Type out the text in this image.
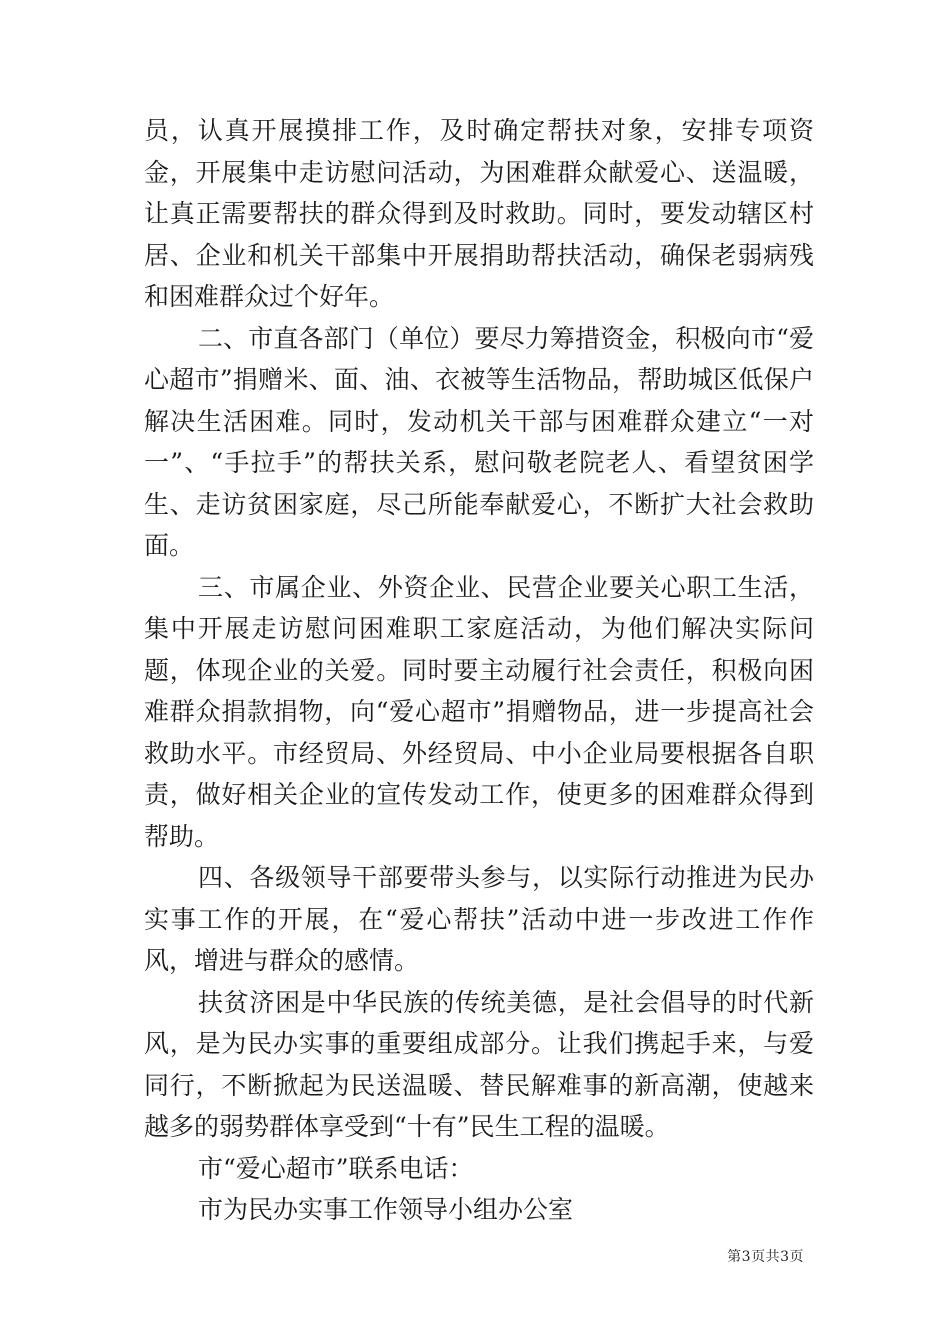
员，认真开展摸排工作，及时确定帮扶对象，安排专项资金，开展集中走访慰问活动，为困难群众献爱心、送温暖，让真正需要帮扶的群众得到及时救助。同时，要发动辖区村居、企业和机关干部集中开展捐助帮扶活动，确保老弱病残和困难群众过个好年。

二、市直各部门（单位）要尽力筹措资金，积极向市“爱心超市”捐赠米、面、油、衣被等生活物品，帮助城区低保户解决生活困难。同时，发动机关干部与困难群众建立“一对一”、“手拉手”的帮扶关系，慰问敬老院老人、看望贫困学生、走访贫困家庭，尽己所能奉献爱心，不断扩大社会救助面。

三、市属企业、外资企业、民营企业要关心职工生活，集中开展走访慰问困难职工家庭活动，为他们解决实际问题，体现企业的关爱。同时要主动履行社会责任，积极向困难群众捐款捐物，向“爱心超市”捐赠物品，进一步提高社会救助水平。市经贸局、外经贸局、中小企业局要根据各自职责，做好相关企业的宣传发动工作，使更多的困难群众得到帮助。

四、各级领导干部要带头参与，以实际行动推进为民办实事工作的开展，在“爱心帮扶”活动中进一步改进工作作风，增进与群众的感情。

扶贫济困是中华民族的传统美德，是社会倡导的时代新风，是为民办实事的重要组成部分。让我们携起手来，与爱同行，不断掀起为民送温暖、替民解难事的新高潮，使越来越多的弱势群体享受到“十有”民生工程的温暖。

市“爱心超市”联系电话：

市为民办实事工作领导小组办公室

第3页共3页
